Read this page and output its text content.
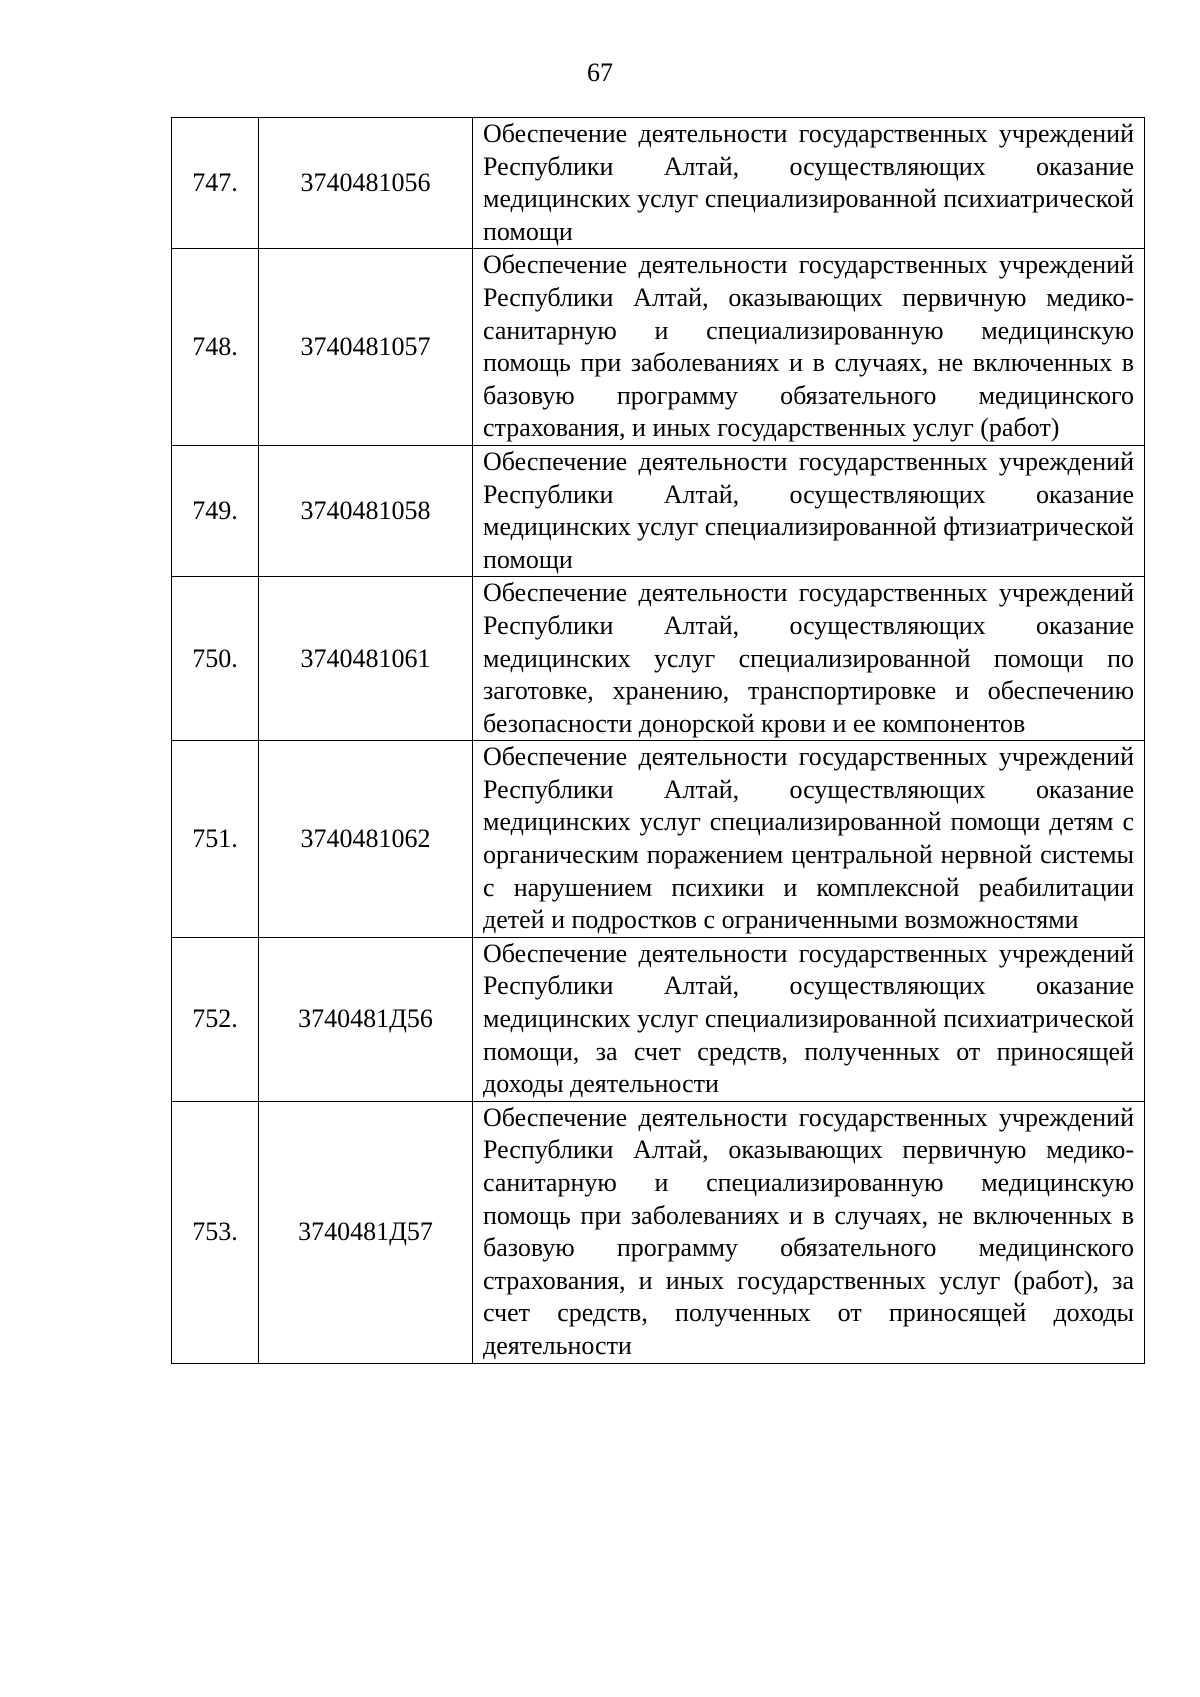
67
747.	3740481056	Обеспечение деятельности государственных учреждений Республики Алтай, осуществляющих оказание медицинских услуг специализированной психиатрической помощи
748.	3740481057	Обеспечение деятельности государственных учреждений Республики Алтай, оказывающих первичную медико-санитарную и специализированную медицинскую помощь при заболеваниях и в случаях, не включенных в базовую программу обязательного медицинского страхования, и иных государственных услуг (работ)
749.	3740481058	Обеспечение деятельности государственных учреждений Республики Алтай, осуществляющих оказание медицинских услуг специализированной фтизиатрической помощи
750.	3740481061	Обеспечение деятельности государственных учреждений Республики Алтай, осуществляющих оказание медицинских услуг специализированной помощи по заготовке, хранению, транспортировке и обеспечению безопасности донорской крови и ее компонентов
751.	3740481062	Обеспечение деятельности государственных учреждений Республики Алтай, осуществляющих оказание медицинских услуг специализированной помощи детям с органическим поражением центральной нервной системы с нарушением психики и комплексной реабилитации детей и подростков с ограниченными возможностями
752.	3740481Д56	Обеспечение деятельности государственных учреждений Республики Алтай, осуществляющих оказание медицинских услуг специализированной психиатрической помощи, за счет средств, полученных от приносящей доходы деятельности
753.	3740481Д57	Обеспечение деятельности государственных учреждений Республики Алтай, оказывающих первичную медико-санитарную и специализированную медицинскую помощь при заболеваниях и в случаях, не включенных в базовую программу обязательного медицинского страхования, и иных государственных услуг (работ), за счет средств, полученных от приносящей доходы деятельности
